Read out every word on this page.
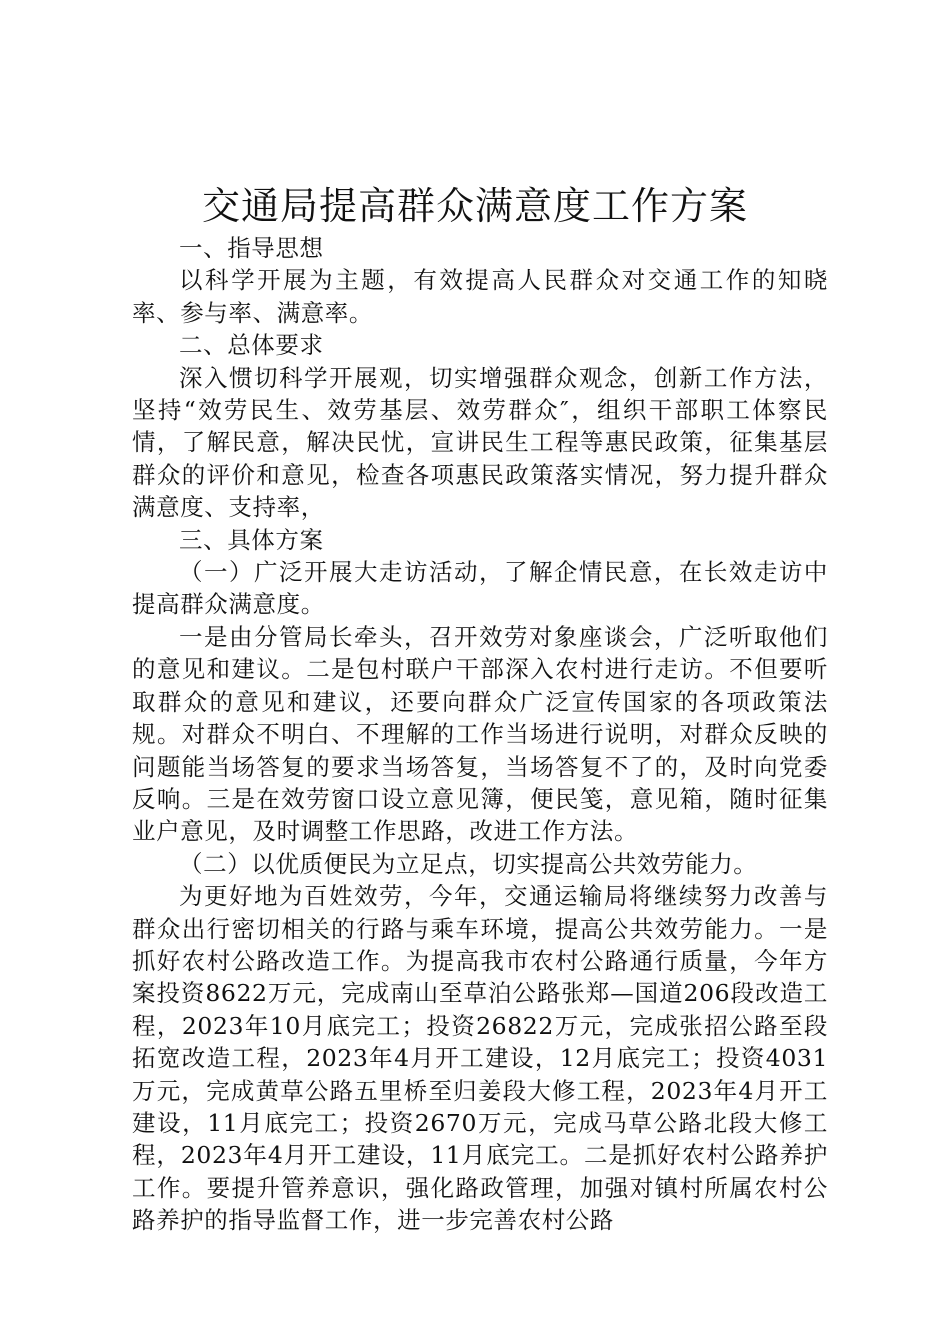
交通局提高群众满意度工作方案

一、指导思想

以科学开展为主题，有效提高人民群众对交通工作的知晓率、参与率、满意率。

二、总体要求

深入惯切科学开展观，切实增强群众观念，创新工作方法，坚持“效劳民生、效劳基层、效劳群众″，组织干部职工体察民情，了解民意，解决民忧，宣讲民生工程等惠民政策，征集基层群众的评价和意见，检查各项惠民政策落实情况，努力提升群众满意度、支持率，

三、具体方案

（一）广泛开展大走访活动，了解企情民意，在长效走访中提高群众满意度。

一是由分管局长牵头，召开效劳对象座谈会，广泛听取他们的意见和建议。二是包村联户干部深入农村进行走访。不但要听取群众的意见和建议，还要向群众广泛宣传国家的各项政策法规。对群众不明白、不理解的工作当场进行说明，对群众反映的问题能当场答复的要求当场答复，当场答复不了的，及时向党委反响。三是在效劳窗口设立意见簿，便民笺，意见箱，随时征集业户意见，及时调整工作思路，改进工作方法。

（二）以优质便民为立足点，切实提高公共效劳能力。

为更好地为百姓效劳，今年，交通运输局将继续努力改善与群众出行密切相关的行路与乘车环境，提高公共效劳能力。一是抓好农村公路改造工作。为提高我市农村公路通行质量，今年方案投资8622万元，完成南山至草泊公路张郑—国道206段改造工程，2023年10月底完工；投资26822万元，完成张招公路至段拓宽改造工程，2023年4月开工建设，12月底完工；投资4031万元，完成黄草公路五里桥至归姜段大修工程，2023年4月开工建设，11月底完工；投资2670万元，完成马草公路北段大修工程，2023年4月开工建设，11月底完工。二是抓好农村公路养护工作。要提升管养意识，强化路政管理，加强对镇村所属农村公路养护的指导监督工作，进一步完善农村公路
